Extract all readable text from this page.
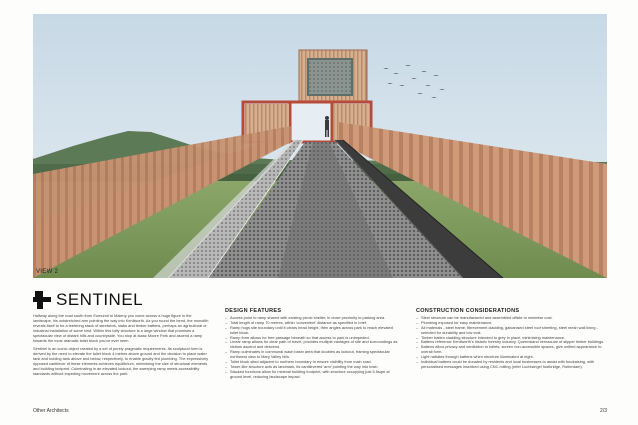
VIEW 2
SENTINEL

Halfway along the road south from Eumundi to Maleny you come across a huge figure in the landscape, his outstretched arm pointing the way into Kenilworth. As you round the bend, the monolith reveals itself to be a teetering stack of steelwork, slabs and timber battens, perhaps an agricultural or industrial installation of some kind. Within this lofty structure is a large window that promises a spectacular view of distant hills and countryside. You stop at Isaac Moore Park and ascend a ramp towards the most dramatic toilet block you've ever seen.

Sentinel is an iconic object created by a set of purely pragmatic requirements. Its sculptural form is derived by the need to elevate the toilet block 4 metres above ground and the decision to place water tank and holding tank above and below, respectively, to enable gravity fed plumbing. The expressively opposed cantilever of these elements achieves equilibrium, minimising the size of structural elements and building footprint. Culminating in an elevated lookout, the sweeping ramp meets accessibility standards without impeding movement across the park.

DESIGN FEATURES
– Access point to ramp shared with existing picnic shelter, in close proximity to parking area.
– Total length of ramp 70 metres, within 'convenient' distance as specified in brief.
– Ramp hugs site boundary until it clears head height, then angles across park to reach elevated toilet block.
– Ramp form allows for free passage beneath so that access to park is unimpeded.
– Linear ramp allows for clear path of travel, provides multiple vantages of site and surroundings as visitors ascend and descend.
– Ramp culminates in communal wash basin area that doubles as lookout, framing spectacular northwest view to Mary Valley hills.
– Toilet block sited adjacent to northern boundary to ensure visibility from main road.
– Tower-like structure acts as landmark, its cantilevered 'arm' pointing the way into town.
– Stacked functions allow for minimal building footprint, with structure occupying just 5.5sqm at ground level, reducing landscape impact.
CONSTRUCTION CONSIDERATIONS
– Steel structure can be manufactured and assembled offsite to minimise cost.
– Plumbing exposed for easy maintenance.
– All materials - steel frame, fibrecement cladding, galvanised steel roof sheeting, steel mesh wall lining - selected for durability and low cost.
– Timber batten cladding structure intended to grey in place, minimising maintenance.
– Battens reference Kenilworth's historic forestry industry, Queensland vernacular of slipper timber buildings.
– Battens allow privacy and ventilation to toilets, screen non-accessible spaces, give unified appearance to overall form.
– Light radiates through battens when structure illuminated at night.
– Individual battens could be donated by residents and local businesses to assist with fundraising, with personalised messages inscribed using CNC milling (refer Luchtsingel footbridge, Rotterdam).
Other Architects	2/3
